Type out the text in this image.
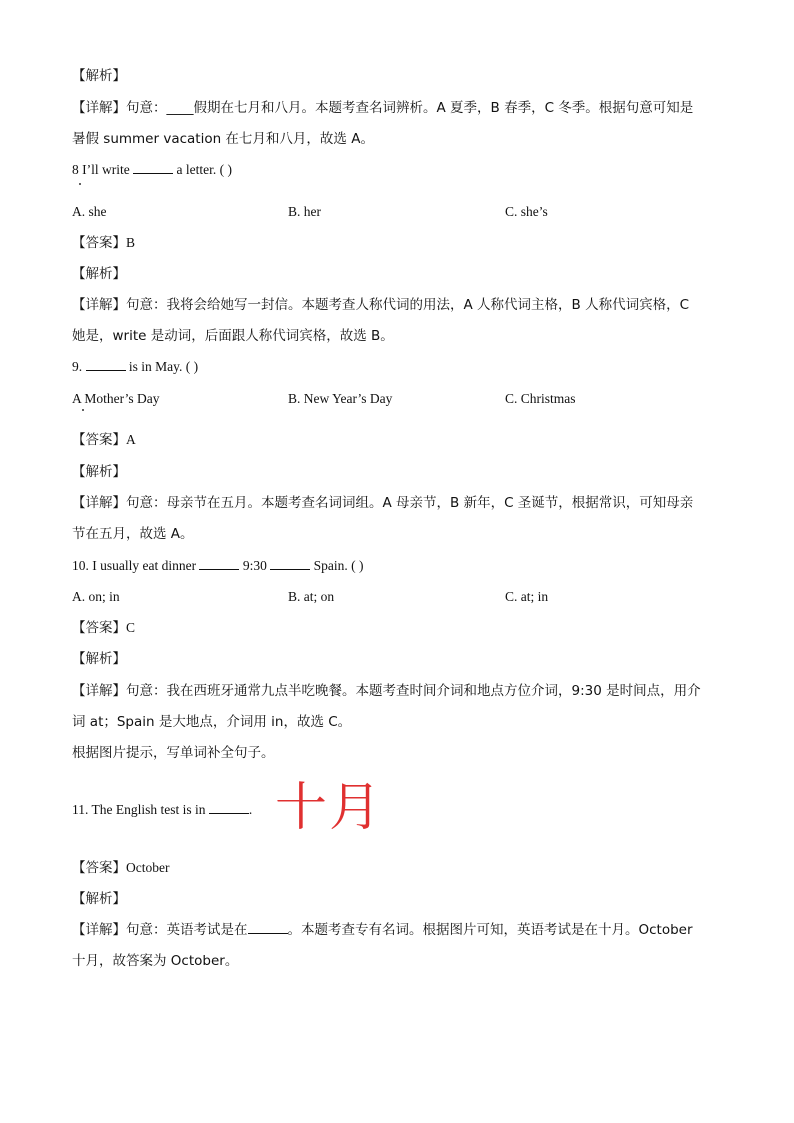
【解析】
【详解】句意：____假期在七月和八月。本题考查名词辨析。A 夏季，B 春季，C 冬季。根据句意可知是
暑假 summer vacation 在七月和八月，故选 A。
8 I’ll write	a letter. ( )
A. she	B. her	C. she’s
【答案】B
【解析】
【详解】句意：我将会给她写一封信。本题考查人称代词的用法，A 人称代词主格，B 人称代词宾格，C
她是，write 是动词，后面跟人称代词宾格，故选 B。
9.	is in May. ( )
A Mother’s Day	B. New Year’s Day	C. Christmas
【答案】A
【解析】
【详解】句意：母亲节在五月。本题考查名词词组。A 母亲节，B 新年，C 圣诞节，根据常识，可知母亲
节在五月，故选 A。
10. I usually eat dinner	9:30	Spain. ( )
A. on; in	B. at; on	C. at; in
【答案】C
【解析】
【详解】句意：我在西班牙通常九点半吃晚餐。本题考查时间介词和地点方位介词，9:30 是时间点，用介
词 at；Spain 是大地点，介词用 in，故选 C。
根据图片提示，写单词补全句子。
11. The English test is in	. 十月
【答案】October
【解析】
【详解】句意：英语考试是在	。本题考查专有名词。根据图片可知，英语考试是在十月。October
十月，故答案为 October。
